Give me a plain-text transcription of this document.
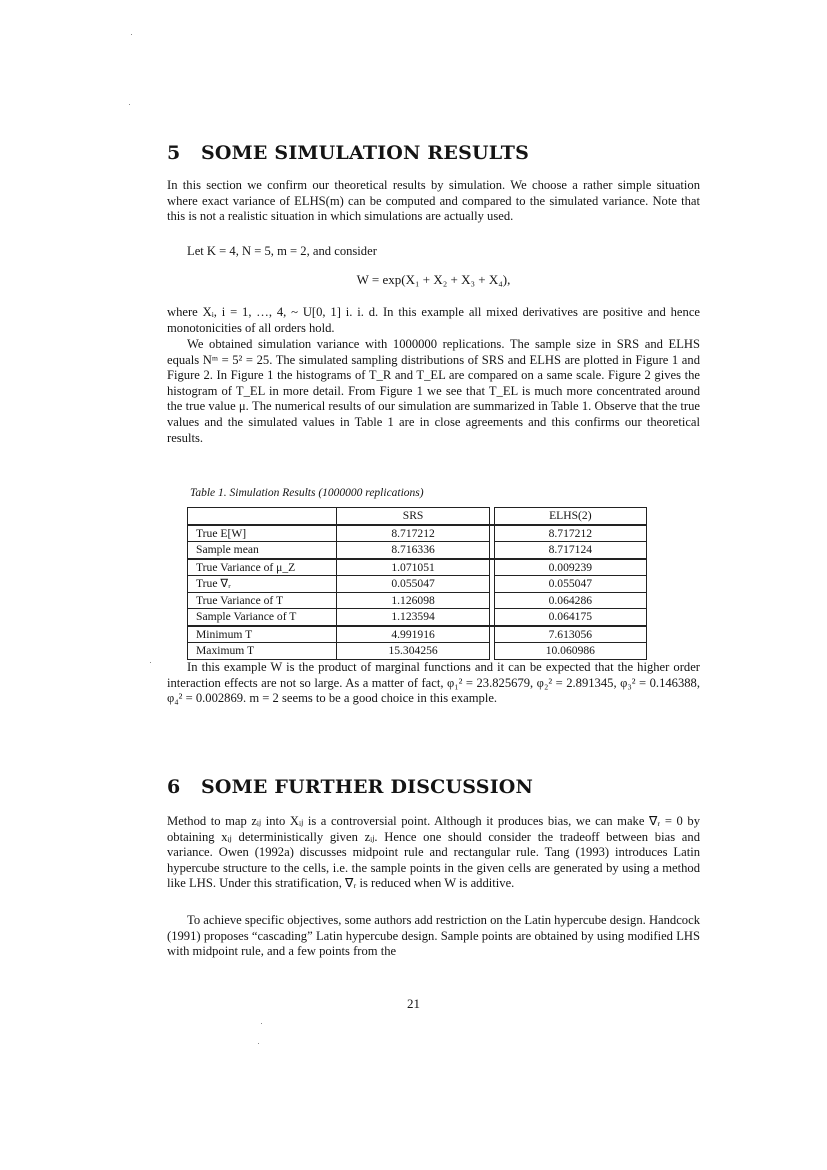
5 SOME SIMULATION RESULTS

In this section we confirm our theoretical results by simulation. We choose a rather simple situation where exact variance of ELHS(m) can be computed and compared to the simulated variance. Note that this is not a realistic situation in which simulations are actually used.

Let K = 4, N = 5, m = 2, and consider

W = exp(X₁ + X₂ + X₃ + X₄),

where Xᵢ, i = 1, …, 4, ~ U[0, 1] i. i. d. In this example all mixed derivatives are positive and hence monotonicities of all orders hold.

We obtained simulation variance with 1000000 replications. The sample size in SRS and ELHS equals Nᵐ = 5² = 25. The simulated sampling distributions of SRS and ELHS are plotted in Figure 1 and Figure 2. In Figure 1 the histograms of T_R and T_EL are compared on a same scale. Figure 2 gives the histogram of T_EL in more detail. From Figure 1 we see that T_EL is much more concentrated around the true value μ. The numerical results of our simulation are summarized in Table 1. Observe that the true values and the simulated values in Table 1 are in close agreements and this confirms our theoretical results.

Table 1. Simulation Results (1000000 replications)
	SRS		ELHS(2)
True E[W]	8.717212		8.717212
Sample mean	8.716336		8.717124
True Variance of μ_Z	1.071051		0.009239
True ∇ᵣ	0.055047		0.055047
True Variance of T	1.126098		0.064286
Sample Variance of T	1.123594		0.064175
Minimum T	4.991916		7.613056
Maximum T	15.304256		10.060986

In this example W is the product of marginal functions and it can be expected that the higher order interaction effects are not so large. As a matter of fact, φ₁² = 23.825679, φ₂² = 2.891345, φ₃² = 0.146388, φ₄² = 0.002869. m = 2 seems to be a good choice in this example.

6 SOME FURTHER DISCUSSION

Method to map zᵢⱼ into Xᵢⱼ is a controversial point. Although it produces bias, we can make ∇ᵣ = 0 by obtaining xᵢⱼ deterministically given zᵢⱼ. Hence one should consider the tradeoff between bias and variance. Owen (1992a) discusses midpoint rule and rectangular rule. Tang (1993) introduces Latin hypercube structure to the cells, i.e. the sample points in the given cells are generated by using a method like LHS. Under this stratification, ∇ᵣ is reduced when W is additive.

To achieve specific objectives, some authors add restriction on the Latin hypercube design. Handcock (1991) proposes “cascading” Latin hypercube design. Sample points are obtained by using modified LHS with midpoint rule, and a few points from the

21
